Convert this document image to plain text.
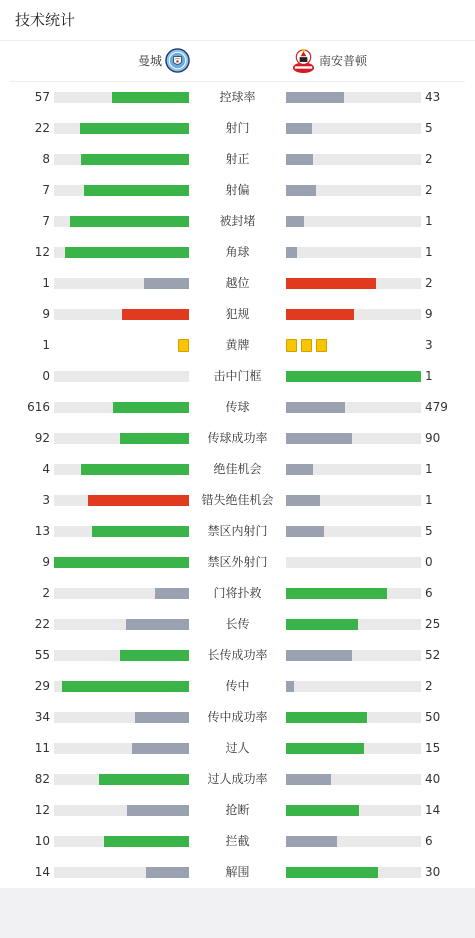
技术统计
曼城	南安普顿
57	控球率	43
22	射门	5
8	射正	2
7	射偏	2
7	被封堵	1
12	角球	1
1	越位	2
9	犯规	9
1	黄牌	3
0	击中门框	1
616	传球	479
92	传球成功率	90
4	绝佳机会	1
3	错失绝佳机会	1
13	禁区内射门	5
9	禁区外射门	0
2	门将扑救	6
22	长传	25
55	长传成功率	52
29	传中	2
34	传中成功率	50
11	过人	15
82	过人成功率	40
12	抢断	14
10	拦截	6
14	解围	30
